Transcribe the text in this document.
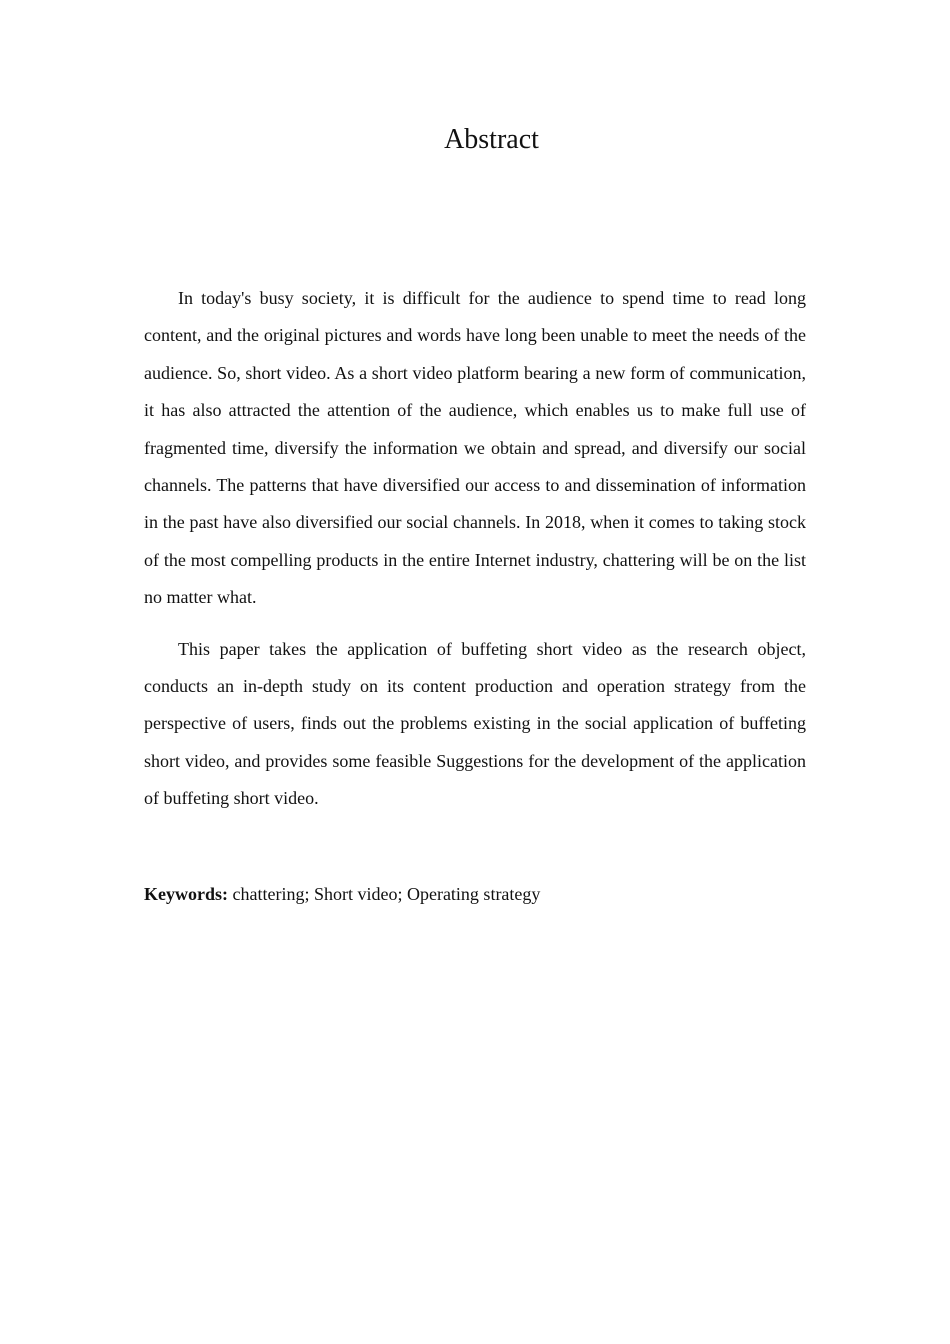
Abstract

In today's busy society, it is difficult for the audience to spend time to read long content, and the original pictures and words have long been unable to meet the needs of the audience. So, short video. As a short video platform bearing a new form of communication, it has also attracted the attention of the audience, which enables us to make full use of fragmented time, diversify the information we obtain and spread, and diversify our social channels. The patterns that have diversified our access to and dissemination of information in the past have also diversified our social channels. In 2018, when it comes to taking stock of the most compelling products in the entire Internet industry, chattering will be on the list no matter what.

This paper takes the application of buffeting short video as the research object, conducts an in-depth study on its content production and operation strategy from the perspective of users, finds out the problems existing in the social application of buffeting short video, and provides some feasible Suggestions for the development of the application of buffeting short video.

Keywords: chattering; Short video; Operating strategy
